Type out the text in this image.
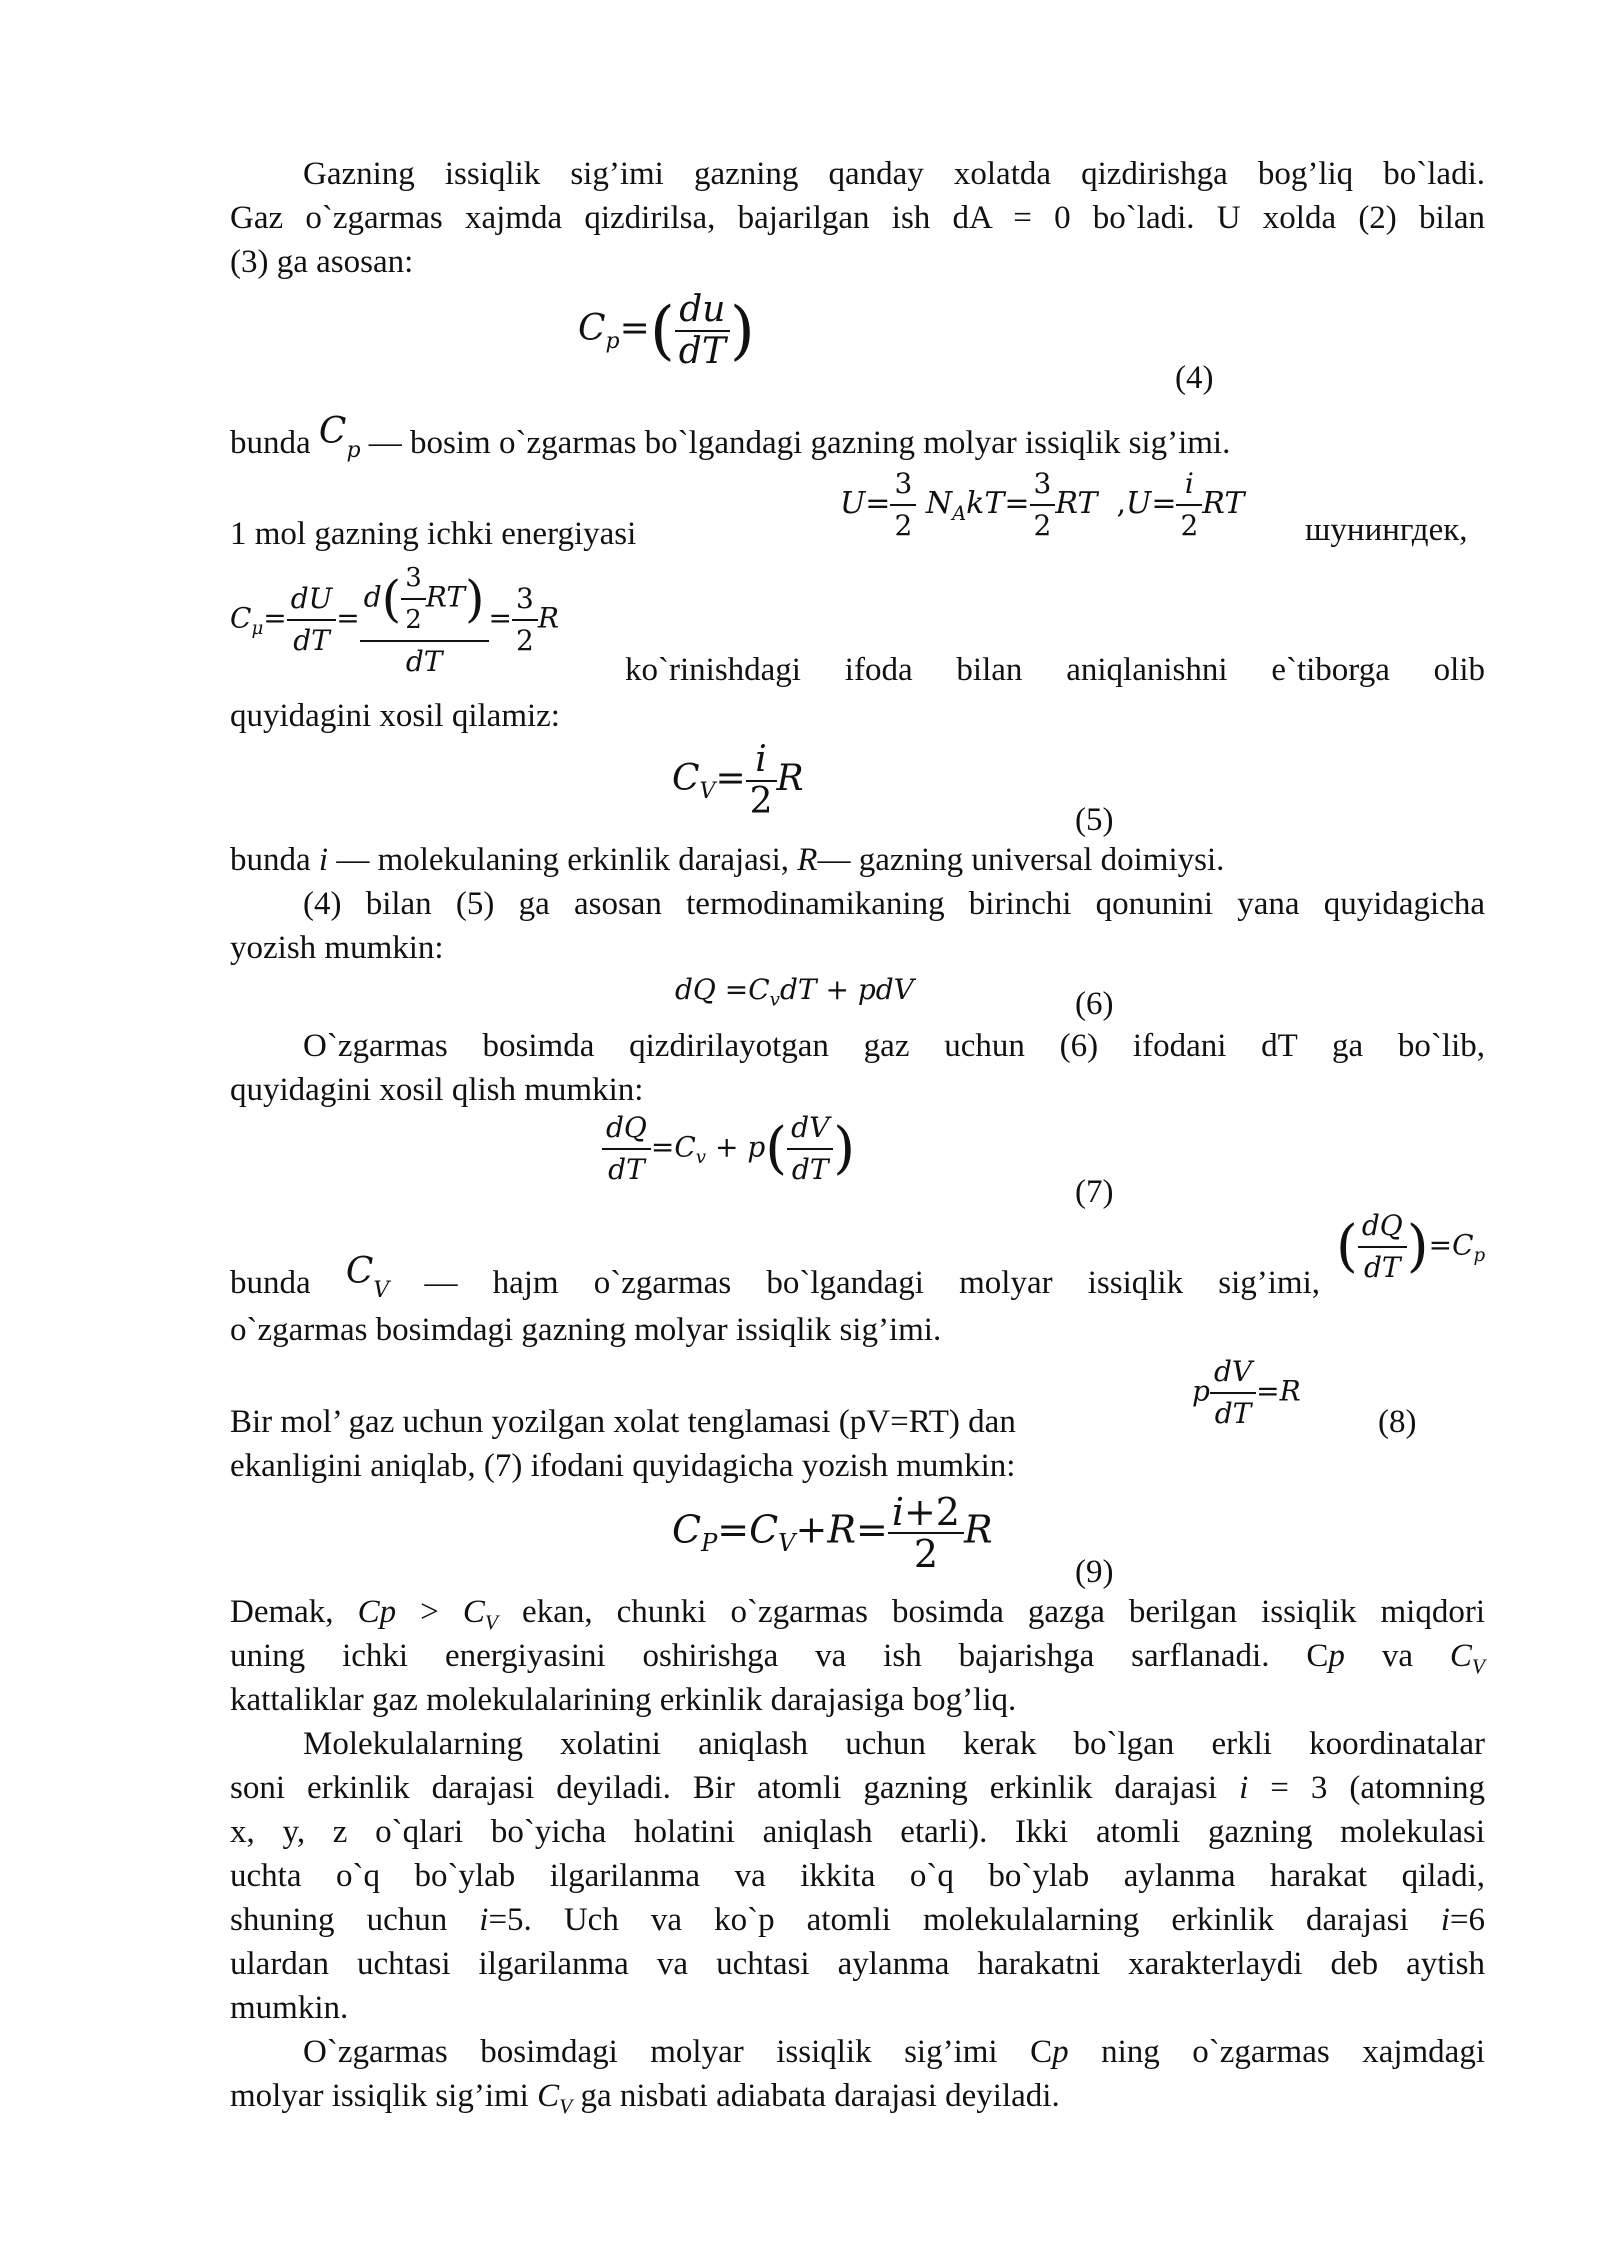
Gazning issiqlik sig’imi gazning qanday xolatda qizdirishga bog’liq bo`ladi.
Gaz o`zgarmas xajmda qizdirilsa, bajarilgan ish dA = 0 bo`ladi. U xolda (2) bilan
(3) ga asosan:
$C_p=( \frac{du}{dT}$ )
(4)
bunda $C_p$ — bosim o`zgarmas bo`lgandagi gazning molyar issiqlik sig’imi.
1 mol gazning ichki energiyasi
$U= \frac{3}{2} N_AkT= \frac{3}{2}$ RT  $,U= \frac{i}{2}$ RT
шунингдек,
$C_\mu= \frac{dU}{dT} = \frac{d( \frac{3}{2} RT)}{dT} = \frac{3}{2}$ R
ko`rinishdagi ifoda bilan aniqlanishni e`tiborga olib
quyidagini xosil qilamiz:
$C_V= \frac{i}{2}$ R
(5)
bunda i — molekulaning erkinlik darajasi, R— gazning universal doimiysi.
(4) bilan (5) ga asosan termodinamikaning birinchi qonunini yana quyidagicha
yozish mumkin:
dQ $=C_vdT$ + pdV	(6)
O`zgarmas bosimda qizdirilayotgan gaz uchun (6) ifodani dT ga bo`lib,
quyidagini xosil qlish mumkin:
$\frac{dQ}{dT} =C_v + p( \frac{dV}{dT}$ )
(7)
( $\frac{dQ}{dT} )=C_p$
bunda $C_V$ — hajm o`zgarmas bo`lgandagi molyar issiqlik sig’imi,
o`zgarmas bosimdagi gazning molyar issiqlik sig’imi.
p $\frac{dV}{dT} =R$
(8)
Bir mol’ gaz uchun yozilgan xolat tenglamasi (pV=RT) dan
ekanligini aniqlab, (7) ifodani quyidagicha yozish mumkin:
$C_P=C_V+R= \frac{i+2}{2}$ R
(9)
Demak, $Cp > C_V$ ekan, chunki o`zgarmas bosimda gazga berilgan issiqlik miqdori
uning ichki energiyasini oshirishga va ish bajarishga sarflanadi. Cp va $C_V$
kattaliklar gaz molekulalarining erkinlik darajasiga bog’liq.
Molekulalarning xolatini aniqlash uchun kerak bo`lgan erkli koordinatalar
soni erkinlik darajasi deyiladi. Bir atomli gazning erkinlik darajasi i = 3 (atomning
x, y, z o`qlari bo`yicha holatini aniqlash etarli). Ikki atomli gazning molekulasi
uchta o`q bo`ylab ilgarilanma va ikkita o`q bo`ylab aylanma harakat qiladi,
shuning uchun i=5. Uch va ko`p atomli molekulalarning erkinlik darajasi i=6
ulardan uchtasi ilgarilanma va uchtasi aylanma harakatni xarakterlaydi deb aytish
mumkin.
O`zgarmas bosimdagi molyar issiqlik sig’imi Cp ning o`zgarmas xajmdagi
molyar issiqlik sig’imi $C_V$ ga nisbati adiabata darajasi deyiladi.
